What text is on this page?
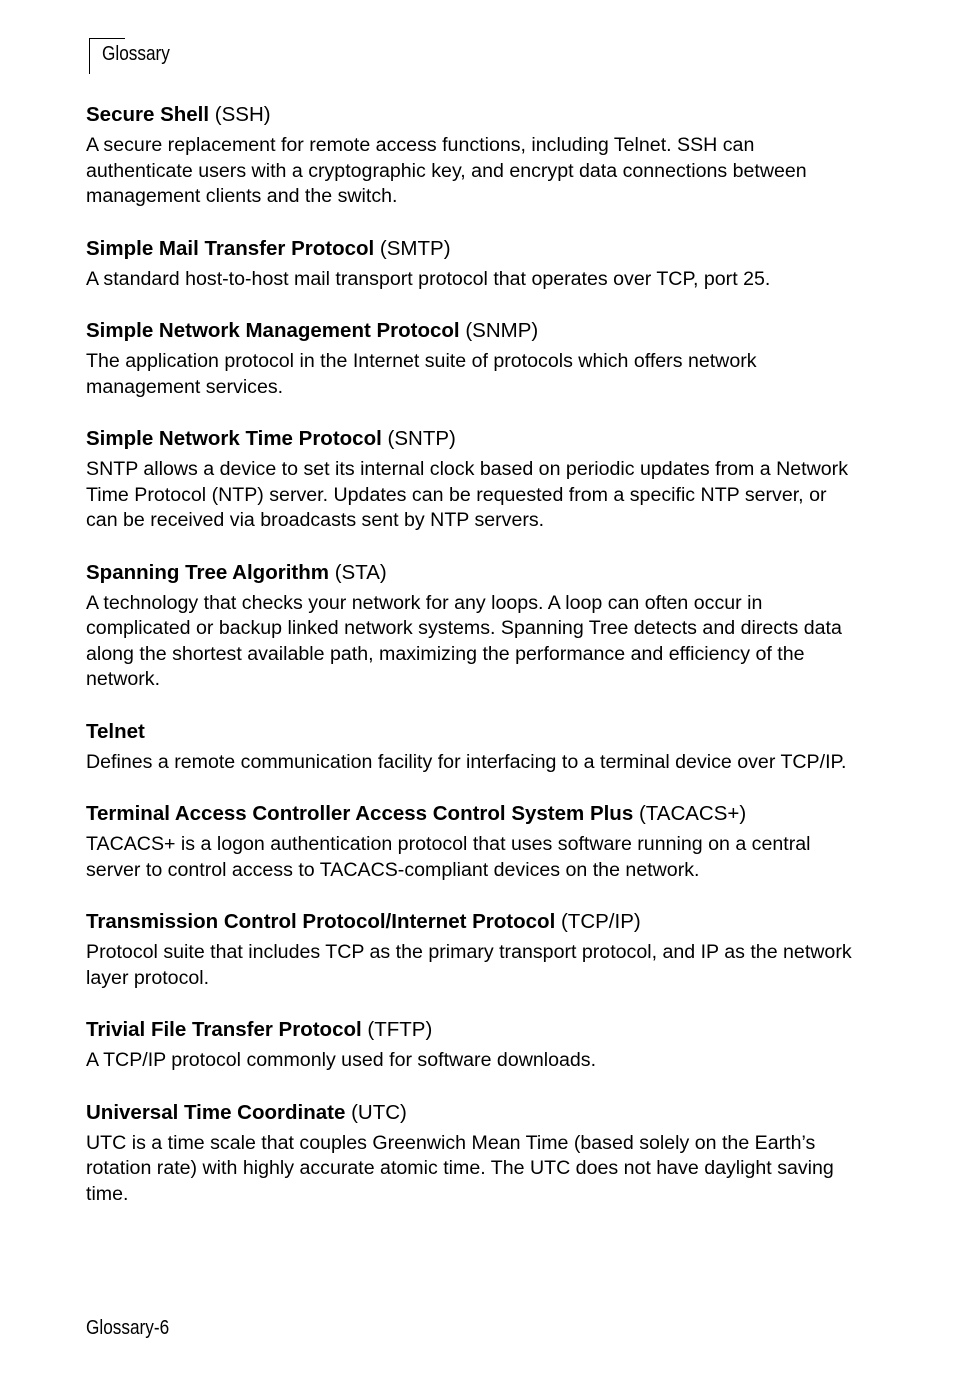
Glossary
Secure Shell (SSH)

A secure replacement for remote access functions, including Telnet. SSH can authenticate users with a cryptographic key, and encrypt data connections between management clients and the switch.

Simple Mail Transfer Protocol (SMTP)

A standard host-to-host mail transport protocol that operates over TCP, port 25.

Simple Network Management Protocol (SNMP)

The application protocol in the Internet suite of protocols which offers network management services.

Simple Network Time Protocol (SNTP)

SNTP allows a device to set its internal clock based on periodic updates from a Network Time Protocol (NTP) server. Updates can be requested from a specific NTP server, or can be received via broadcasts sent by NTP servers.

Spanning Tree Algorithm (STA)

A technology that checks your network for any loops. A loop can often occur in complicated or backup linked network systems. Spanning Tree detects and directs data along the shortest available path, maximizing the performance and efficiency of the network.

Telnet

Defines a remote communication facility for interfacing to a terminal device over TCP/IP.

Terminal Access Controller Access Control System Plus (TACACS+)

TACACS+ is a logon authentication protocol that uses software running on a central server to control access to TACACS-compliant devices on the network.

Transmission Control Protocol/Internet Protocol (TCP/IP)

Protocol suite that includes TCP as the primary transport protocol, and IP as the network layer protocol.

Trivial File Transfer Protocol (TFTP)

A TCP/IP protocol commonly used for software downloads.

Universal Time Coordinate (UTC)

UTC is a time scale that couples Greenwich Mean Time (based solely on the Earth’s rotation rate) with highly accurate atomic time. The UTC does not have daylight saving time.

Glossary-6
